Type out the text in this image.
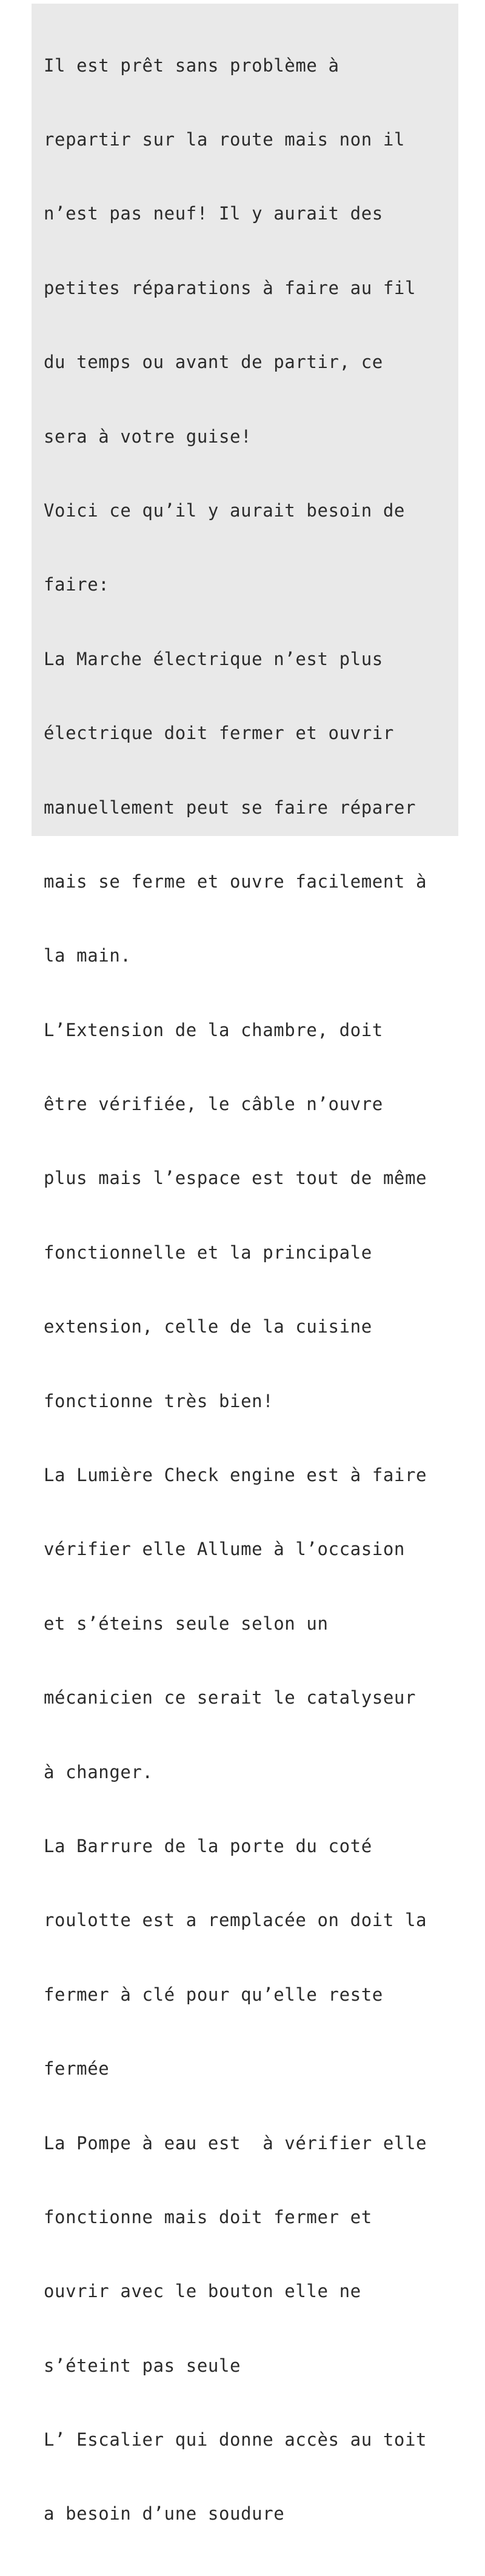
Il est prêt sans problème à

repartir sur la route mais non il

n’est pas neuf! Il y aurait des

petites réparations à faire au fil

du temps ou avant de partir, ce

sera à votre guise!

Voici ce qu’il y aurait besoin de

faire:

La Marche électrique n’est plus

électrique doit fermer et ouvrir

manuellement peut se faire réparer

mais se ferme et ouvre facilement à

la main.

L’Extension de la chambre, doit

être vérifiée, le câble n’ouvre

plus mais l’espace est tout de même

fonctionnelle et la principale

extension, celle de la cuisine

fonctionne très bien!

La Lumière Check engine est à faire

vérifier elle Allume à l’occasion

et s’éteins seule selon un

mécanicien ce serait le catalyseur

à changer.

La Barrure de la porte du coté

roulotte est a remplacée on doit la

fermer à clé pour qu’elle reste

fermée

La Pompe à eau est  à vérifier elle

fonctionne mais doit fermer et

ouvrir avec le bouton elle ne

s’éteint pas seule

L’ Escalier qui donne accès au toit

a besoin d’une soudure
